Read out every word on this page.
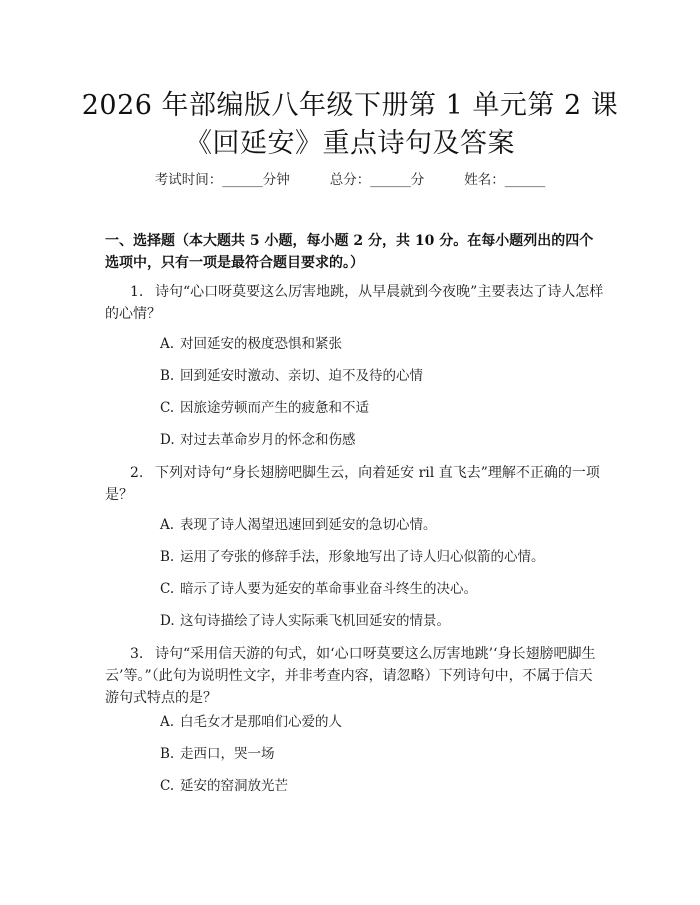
2026 年部编版八年级下册第 1 单元第 2 课
《回延安》重点诗句及答案
考试时间：______分钟	总分：______分	姓名：______
一、选择题（本大题共 5 小题，每小题 2 分，共 10 分。在每小题列出的四个选项中，只有一项是最符合题目要求的。）
1. 诗句“心口呀莫要这么厉害地跳，从早晨就到今夜晚”主要表达了诗人怎样的心情？
A. 对回延安的极度恐惧和紧张
B. 回到延安时激动、亲切、迫不及待的心情
C. 因旅途劳顿而产生的疲惫和不适
D. 对过去革命岁月的怀念和伤感
2. 下列对诗句“身长翅膀吧脚生云，向着延安 ril 直飞去”理解不正确的一项是？
A. 表现了诗人渴望迅速回到延安的急切心情。
B. 运用了夸张的修辞手法，形象地写出了诗人归心似箭的心情。
C. 暗示了诗人要为延安的革命事业奋斗终生的决心。
D. 这句诗描绘了诗人实际乘飞机回延安的情景。
3. 诗句“采用信天游的句式，如‘心口呀莫要这么厉害地跳’‘身长翅膀吧脚生云’等。”（此句为说明性文字，并非考查内容，请忽略）下列诗句中，不属于信天游句式特点的是？
A. 白毛女才是那咱们心爱的人
B. 走西口，哭一场
C. 延安的窑洞放光芒
